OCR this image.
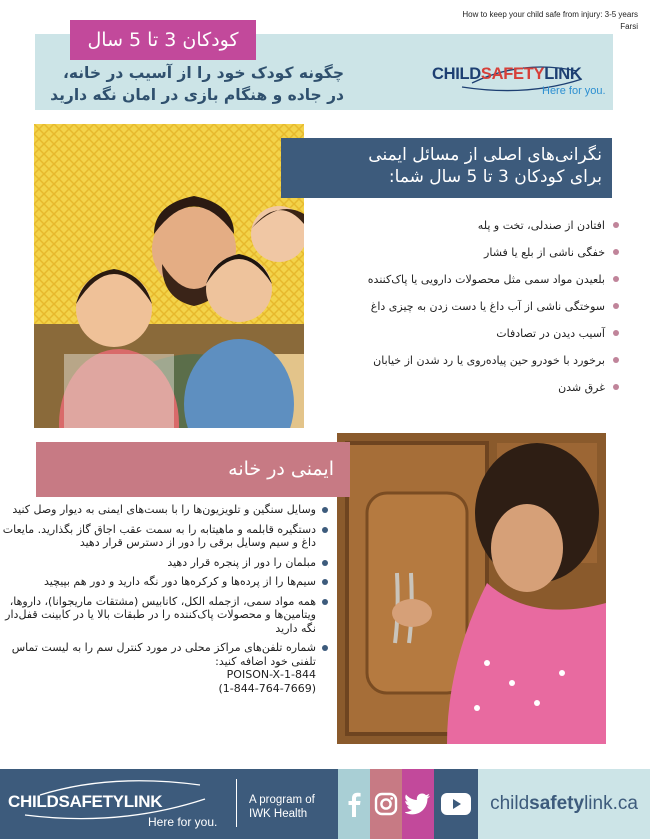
How to keep your child safe from injury: 3-5 years
Farsi
کودکان 3 تا 5 سال
چگونه کودک خود را از آسیب در خانه،
در جاده و هنگام بازی در امان نگه دارید
CHILDSAFETYLINK
Here for you.
نگرانی‌های اصلی از مسائل ایمنی
برای کودکان 3 تا 5 سال شما:
افتادن از صندلی، تخت و پله
خفگی ناشی از بلع یا فشار
بلعیدن مواد سمی مثل محصولات دارویی یا پاک‌کننده
سوختگی ناشی از آب داغ یا دست زدن به چیزی داغ
آسیب دیدن در تصادفات
برخورد با خودرو حین پیاده‌روی یا رد شدن از خیابان
غرق شدن
ایمنی در خانه
وسایل سنگین و تلویزیون‌ها را با بست‌های ایمنی به دیوار وصل کنید
دستگیره قابلمه و ماهیتابه را به سمت عقب اجاق گاز بگذارید. مایعات داغ و سیم وسایل برقی را دور از دسترس قرار دهید
مبلمان را دور از پنجره قرار دهید
سیم‌ها را از پرده‌ها و کرکره‌ها دور نگه دارید و دور هم بپیچید
همه مواد سمی، ازجمله الکل، کانابیس (مشتقات ماریجوانا)، داروها، ویتامین‌ها و محصولات پاک‌کننده را در طبقات بالا یا در کابینت قفل‌دار نگه دارید
شماره تلفن‌های مراکز محلی در مورد کنترل سم را به لیست تماس تلفنی خود اضافه کنید:
1-844-POISON-X
(1-844-764-7669)
CHILDSAFETYLINK
Here for you.
A program of
IWK Health	child safety link.ca
